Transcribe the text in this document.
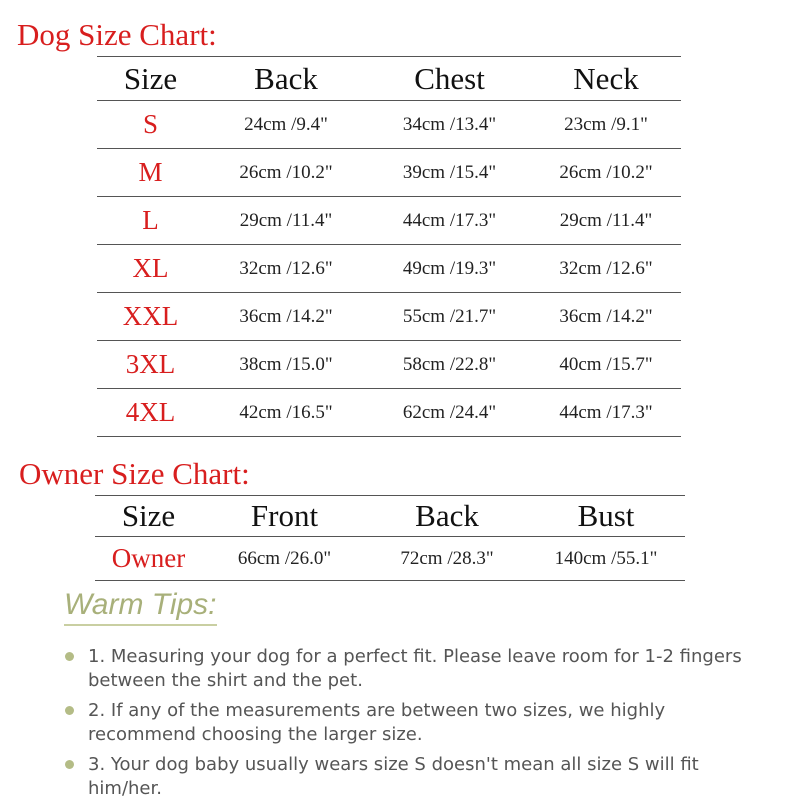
Dog Size Chart:
Size	Back	Chest	Neck
S	24cm /9.4"	34cm /13.4"	23cm /9.1"
M	26cm /10.2"	39cm /15.4"	26cm /10.2"
L	29cm /11.4"	44cm /17.3"	29cm /11.4"
XL	32cm /12.6"	49cm /19.3"	32cm /12.6"
XXL	36cm /14.2"	55cm /21.7"	36cm /14.2"
3XL	38cm /15.0"	58cm /22.8"	40cm /15.7"
4XL	42cm /16.5"	62cm /24.4"	44cm /17.3"
Owner Size Chart:
Size	Front	Back	Bust
Owner	66cm /26.0"	72cm /28.3"	140cm /55.1"
Warm Tips:
1. Measuring your dog for a perfect fit. Please leave room for 1-2 fingers between the shirt and the pet.
2. If any of the measurements are between two sizes, we highly recommend choosing the larger size.
3. Your dog baby usually wears size S doesn't mean all size S will fit him/her.
